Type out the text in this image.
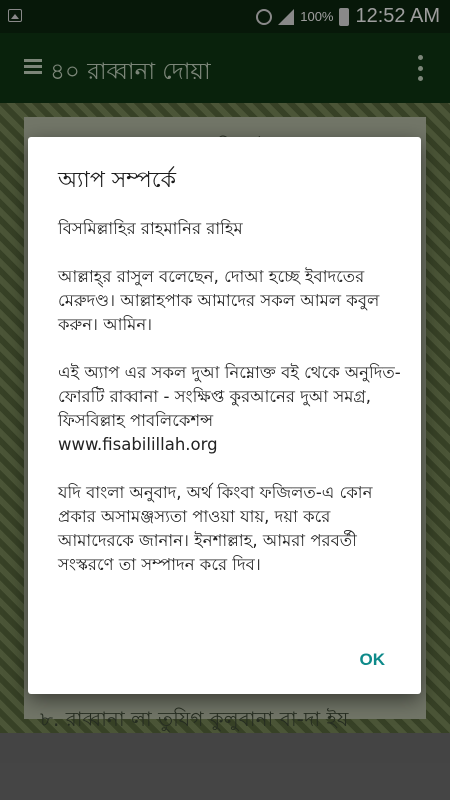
100% 12:52 AM
৪০ রাব্বানা দোয়া
৮. রাব্বানা লা তুযিগ কুলুবানা বা-দা ইয
অ্যাপ সম্পর্কে

বিসমিল্লাহির রাহমানির রাহিম

আল্লাহ্‌র রাসুল বলেছেন, দোআ হচ্ছে ইবাদতের মেরুদণ্ড। আল্লাহপাক আমাদের সকল আমল কবুল করুন। আমিন।

এই অ্যাপ এর সকল দুআ নিম্নোক্ত বই থেকে অনুদিত-

ফোরটি রাব্বানা - সংক্ষিপ্ত কুরআনের দুআ সমগ্র, ফিসবিল্লাহ পাবলিকেশন্স

www.fisabilillah.org

যদি বাংলা অনুবাদ, অর্থ কিংবা ফজিলত-এ কোন প্রকার অসামঞ্জস্যতা পাওয়া যায়, দয়া করে আমাদেরকে জানান। ইনশাল্লাহ, আমরা পরবর্তী সংস্করণে তা সম্পাদন করে দিব।

OK
